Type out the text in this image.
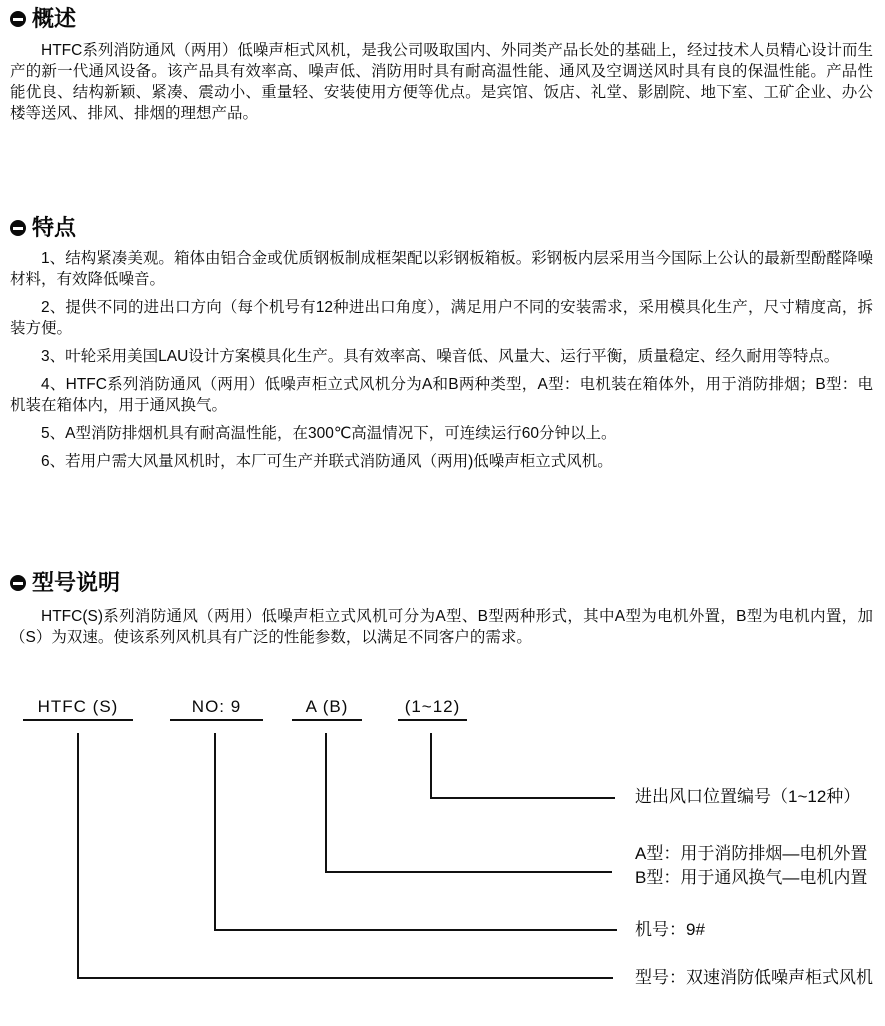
概述

HTFC系列消防通风（两用）低噪声柜式风机，是我公司吸取国内、外同类产品长处的基础上，经过技术人员精心设计而生产的新一代通风设备。该产品具有效率高、噪声低、消防用时具有耐高温性能、通风及空调送风时具有良的保温性能。产品性能优良、结构新颖、紧凑、震动小、重量轻、安装使用方便等优点。是宾馆、饭店、礼堂、影剧院、地下室、工矿企业、办公楼等送风、排风、排烟的理想产品。

特点

1、结构紧凑美观。箱体由铝合金或优质钢板制成框架配以彩钢板箱板。彩钢板内层采用当今国际上公认的最新型酚醛降噪材料，有效降低噪音。

2、提供不同的进出口方向（每个机号有12种进出口角度），满足用户不同的安装需求，采用模具化生产，尺寸精度高，拆装方便。

3、叶轮采用美国LAU设计方案模具化生产。具有效率高、噪音低、风量大、运行平衡，质量稳定、经久耐用等特点。

4、HTFC系列消防通风（两用）低噪声柜立式风机分为A和B两种类型，A型：电机装在箱体外，用于消防排烟；B型：电机装在箱体内，用于通风换气。

5、A型消防排烟机具有耐高温性能，在300℃高温情况下，可连续运行60分钟以上。

6、若用户需大风量风机时，本厂可生产并联式消防通风（两用)低噪声柜立式风机。

型号说明

HTFC(S)系列消防通风（两用）低噪声柜立式风机可分为A型、B型两种形式，其中A型为电机外置，B型为电机内置，加（S）为双速。使该系列风机具有广泛的性能参数，以满足不同客户的需求。

HTFC (S)	NO: 9	A (B)	(1~12)
进出风口位置编号（1~12种）
A型：用于消防排烟—电机外置
B型：用于通风换气—电机内置
机号：9#
型号：双速消防低噪声柜式风机
